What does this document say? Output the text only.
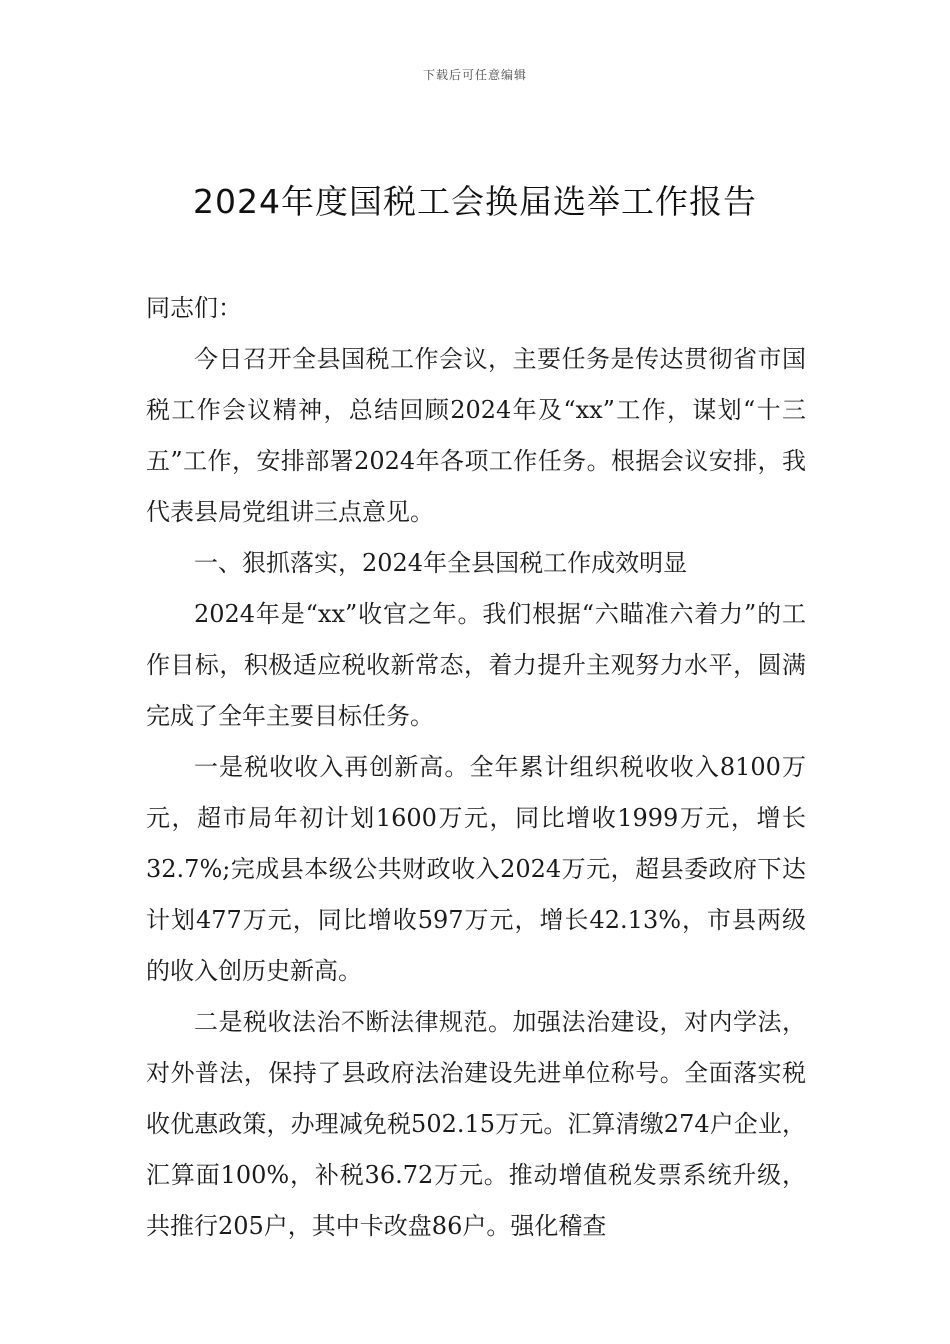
下载后可任意编辑
2024年度国税工会换届选举工作报告

同志们：

今日召开全县国税工作会议，主要任务是传达贯彻省市国税工作会议精神，总结回顾2024年及“xx”工作，谋划“十三五”工作，安排部署2024年各项工作任务。根据会议安排，我代表县局党组讲三点意见。

一、狠抓落实，2024年全县国税工作成效明显

2024年是“xx”收官之年。我们根据“六瞄准六着力”的工作目标，积极适应税收新常态，着力提升主观努力水平，圆满完成了全年主要目标任务。

一是税收收入再创新高。全年累计组织税收收入8100万元，超市局年初计划1600万元，同比增收1999万元，增长32.7%;完成县本级公共财政收入2024万元，超县委政府下达计划477万元，同比增收597万元，增长42.13%，市县两级的收入创历史新高。

二是税收法治不断法律规范。加强法治建设，对内学法，对外普法，保持了县政府法治建设先进单位称号。全面落实税收优惠政策，办理减免税502.15万元。汇算清缴274户企业，汇算面100%，补税36.72万元。推动增值税发票系统升级，共推行205户，其中卡改盘86户。强化稽查
